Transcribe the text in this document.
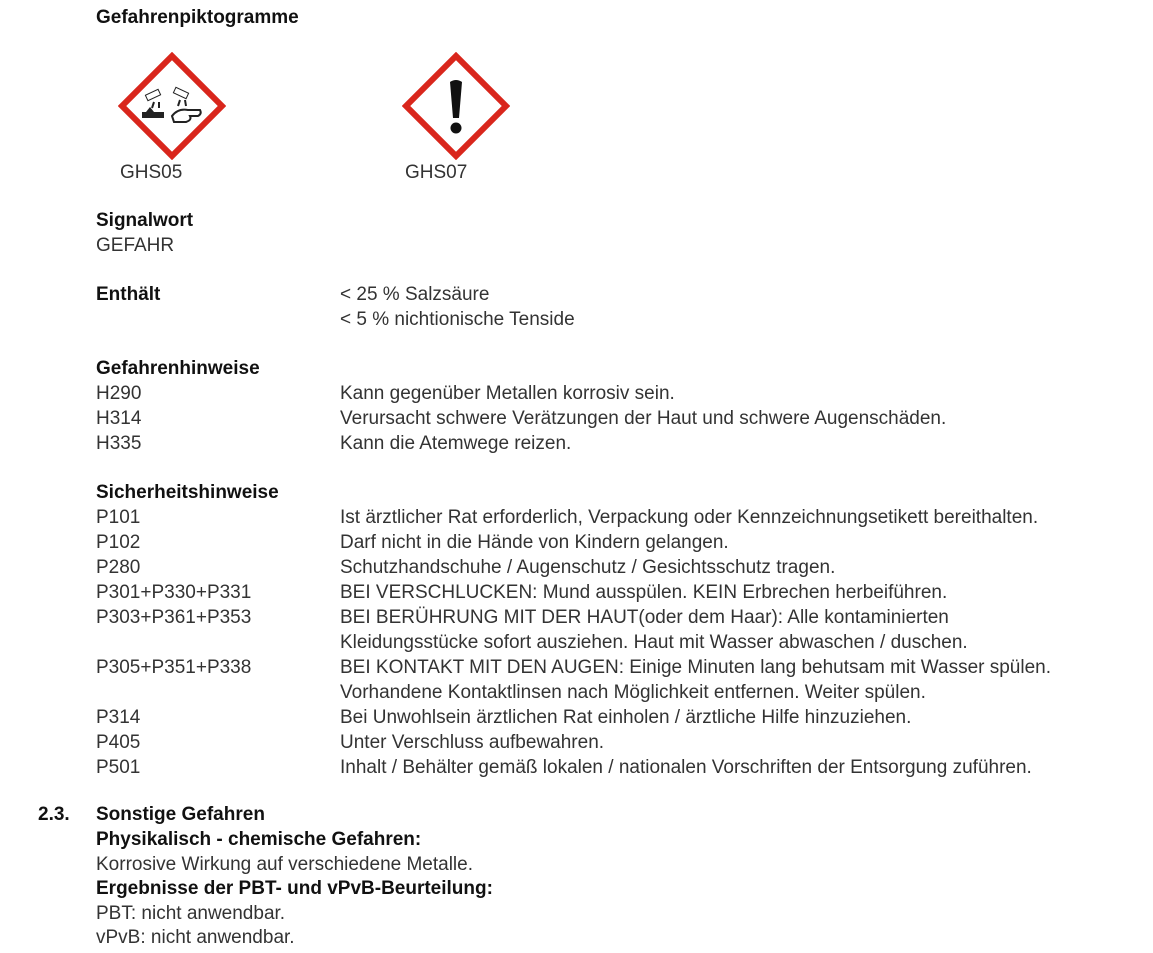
Gefahrenpiktogramme
GHS05	GHS07
Signalwort
GEFAHR
Enthält	< 25 % Salzsäure
< 5 % nichtionische Tenside
Gefahrenhinweise
H290	Kann gegenüber Metallen korrosiv sein.
H314	Verursacht schwere Verätzungen der Haut und schwere Augenschäden.
H335	Kann die Atemwege reizen.
Sicherheitshinweise
P101	Ist ärztlicher Rat erforderlich, Verpackung oder Kennzeichnungsetikett bereithalten.
P102	Darf nicht in die Hände von Kindern gelangen.
P280	Schutzhandschuhe / Augenschutz / Gesichtsschutz tragen.
P301+P330+P331	BEI VERSCHLUCKEN: Mund ausspülen. KEIN Erbrechen herbeiführen.
P303+P361+P353	BEI BERÜHRUNG MIT DER HAUT(oder dem Haar): Alle kontaminierten
Kleidungsstücke sofort ausziehen. Haut mit Wasser abwaschen / duschen.
P305+P351+P338	BEI KONTAKT MIT DEN AUGEN: Einige Minuten lang behutsam mit Wasser spülen.
Vorhandene Kontaktlinsen nach Möglichkeit entfernen. Weiter spülen.
P314	Bei Unwohlsein ärztlichen Rat einholen / ärztliche Hilfe hinzuziehen.
P405	Unter Verschluss aufbewahren.
P501	Inhalt / Behälter gemäß lokalen / nationalen Vorschriften der Entsorgung zuführen.
2.3. Sonstige Gefahren
Physikalisch - chemische Gefahren:
Korrosive Wirkung auf verschiedene Metalle.
Ergebnisse der PBT- und vPvB-Beurteilung:
PBT: nicht anwendbar.
vPvB: nicht anwendbar.
